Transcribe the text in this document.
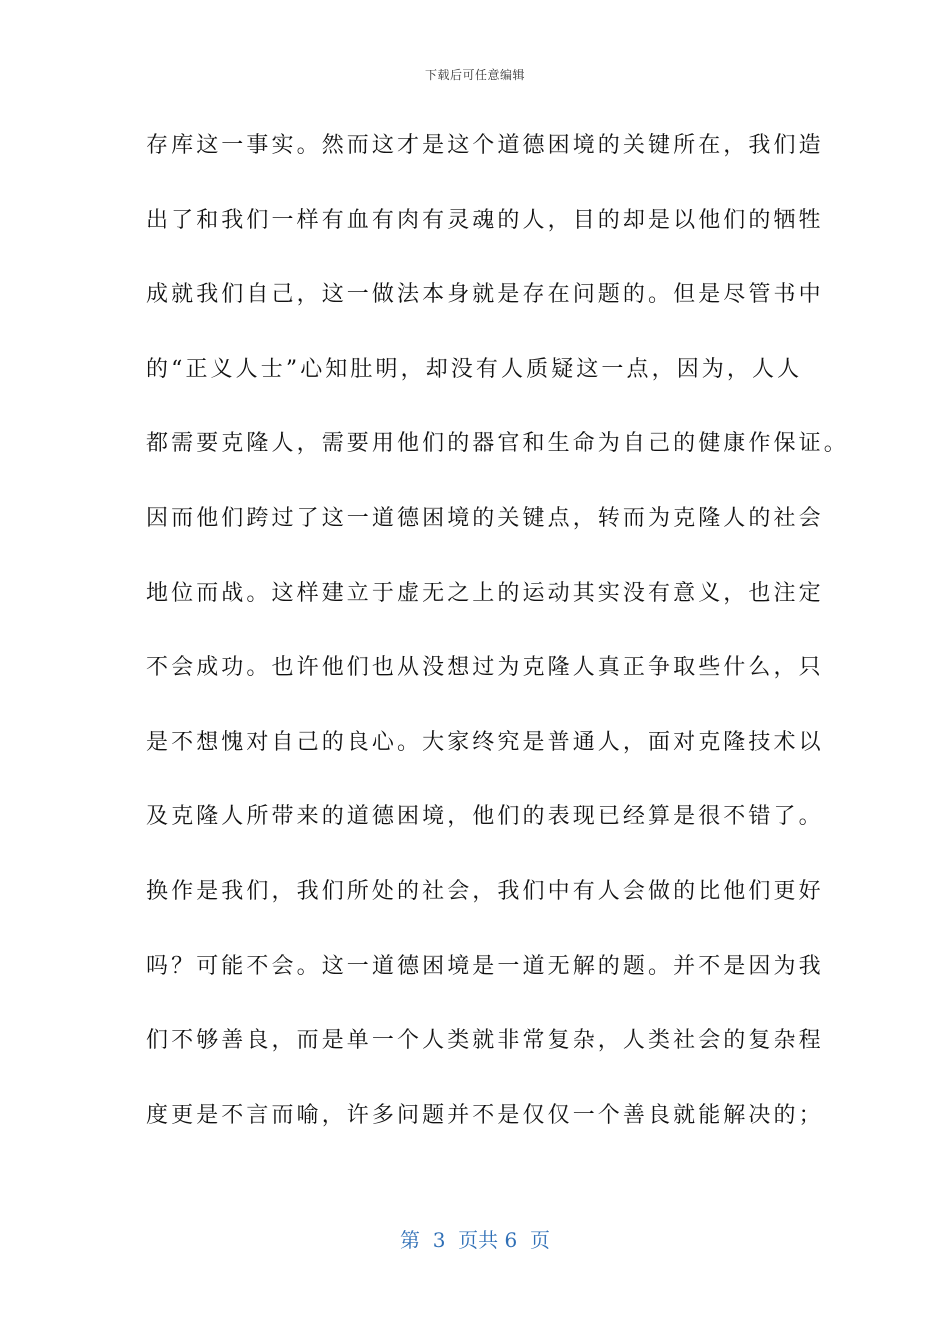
下载后可任意编辑
存库这一事实。然而这才是这个道德困境的关键所在，我们造
出了和我们一样有血有肉有灵魂的人，目的却是以他们的牺牲
成就我们自己，这一做法本身就是存在问题的。但是尽管书中
的“正义人士”心知肚明，却没有人质疑这一点，因为，人人
都需要克隆人，需要用他们的器官和生命为自己的健康作保证。
因而他们跨过了这一道德困境的关键点，转而为克隆人的社会
地位而战。这样建立于虚无之上的运动其实没有意义，也注定
不会成功。也许他们也从没想过为克隆人真正争取些什么，只
是不想愧对自己的良心。大家终究是普通人，面对克隆技术以
及克隆人所带来的道德困境，他们的表现已经算是很不错了。
换作是我们，我们所处的社会，我们中有人会做的比他们更好
吗？可能不会。这一道德困境是一道无解的题。并不是因为我
们不够善良，而是单一个人类就非常复杂，人类社会的复杂程
度更是不言而喻，许多问题并不是仅仅一个善良就能解决的；
第  3  页共 6  页
